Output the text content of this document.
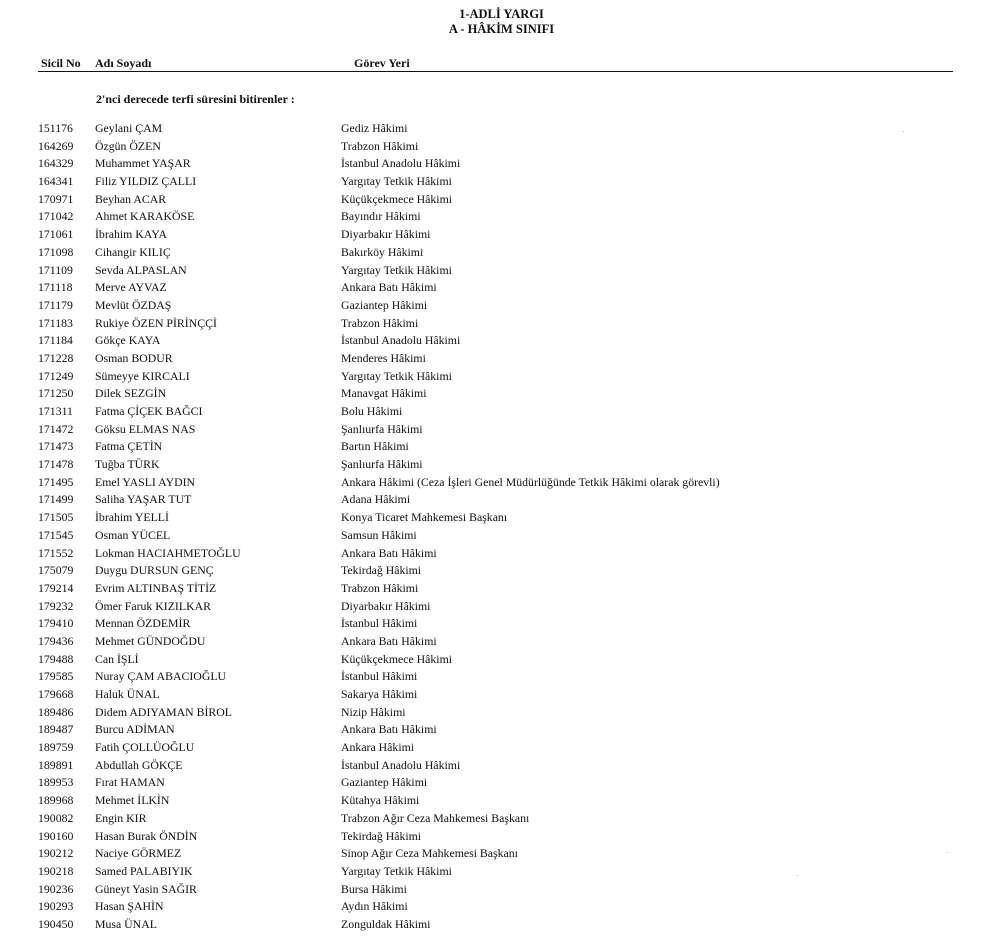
1-ADLİ YARGI
A - HÂKİM SINIFI
Sicil No Adı Soyadı	Görev Yeri
2'nci derecede terfi süresini bitirenler :
151176 Geylani ÇAM	Gediz Hâkimi
164269 Özgün ÖZEN	Trabzon Hâkimi
164329 Muhammet YAŞAR	İstanbul Anadolu Hâkimi
164341 Filiz YILDIZ ÇALLI	Yargıtay Tetkik Hâkimi
170971 Beyhan ACAR	Küçükçekmece Hâkimi
171042 Ahmet KARAKÖSE	Bayındır Hâkimi
171061 İbrahim KAYA	Diyarbakır Hâkimi
171098 Cihangir KILIÇ	Bakırköy Hâkimi
171109 Sevda ALPASLAN	Yargıtay Tetkik Hâkimi
171118 Merve AYVAZ	Ankara Batı Hâkimi
171179 Mevlüt ÖZDAŞ	Gaziantep Hâkimi
171183 Rukiye ÖZEN PİRİNÇÇİ	Trabzon Hâkimi
171184 Gökçe KAYA	İstanbul Anadolu Hâkimi
171228 Osman BODUR	Menderes Hâkimi
171249 Sümeyye KIRCALI	Yargıtay Tetkik Hâkimi
171250 Dilek SEZGİN	Manavgat Hâkimi
171311 Fatma ÇİÇEK BAĞCI	Bolu Hâkimi
171472 Göksu ELMAS NAS	Şanlıurfa Hâkimi
171473 Fatma ÇETİN	Bartın Hâkimi
171478 Tuğba TÜRK	Şanlıurfa Hâkimi
171495 Emel YASLI AYDIN	Ankara Hâkimi (Ceza İşleri Genel Müdürlüğünde Tetkik Hâkimi olarak görevli)
171499 Saliha YAŞAR TUT	Adana Hâkimi
171505 İbrahim YELLİ	Konya Ticaret Mahkemesi Başkanı
171545 Osman YÜCEL	Samsun Hâkimi
171552 Lokman HACIAHMETOĞLU	Ankara Batı Hâkimi
175079 Duygu DURSUN GENÇ	Tekirdağ Hâkimi
179214 Evrim ALTINBAŞ TİTİZ	Trabzon Hâkimi
179232 Ömer Faruk KIZILKAR	Diyarbakır Hâkimi
179410 Mennan ÖZDEMİR	İstanbul Hâkimi
179436 Mehmet GÜNDOĞDU	Ankara Batı Hâkimi
179488 Can İŞLİ	Küçükçekmece Hâkimi
179585 Nuray ÇAM ABACIOĞLU	İstanbul Hâkimi
179668 Haluk ÜNAL	Sakarya Hâkimi
189486 Didem ADIYAMAN BİROL	Nizip Hâkimi
189487 Burcu ADİMAN	Ankara Batı Hâkimi
189759 Fatih ÇOLLÜOĞLU	Ankara Hâkimi
189891 Abdullah GÖKÇE	İstanbul Anadolu Hâkimi
189953 Fırat HAMAN	Gaziantep Hâkimi
189968 Mehmet İLKİN	Kütahya Hâkimi
190082 Engin KIR	Trabzon Ağır Ceza Mahkemesi Başkanı
190160 Hasan Burak ÖNDİN	Tekirdağ Hâkimi
190212 Naciye GÖRMEZ	Sinop Ağır Ceza Mahkemesi Başkanı
190218 Samed PALABIYIK	Yargıtay Tetkik Hâkimi
190236 Güneyt Yasin SAĞIR	Bursa Hâkimi
190293 Hasan ŞAHİN	Aydın Hâkimi
190450 Musa ÜNAL	Zonguldak Hâkimi
